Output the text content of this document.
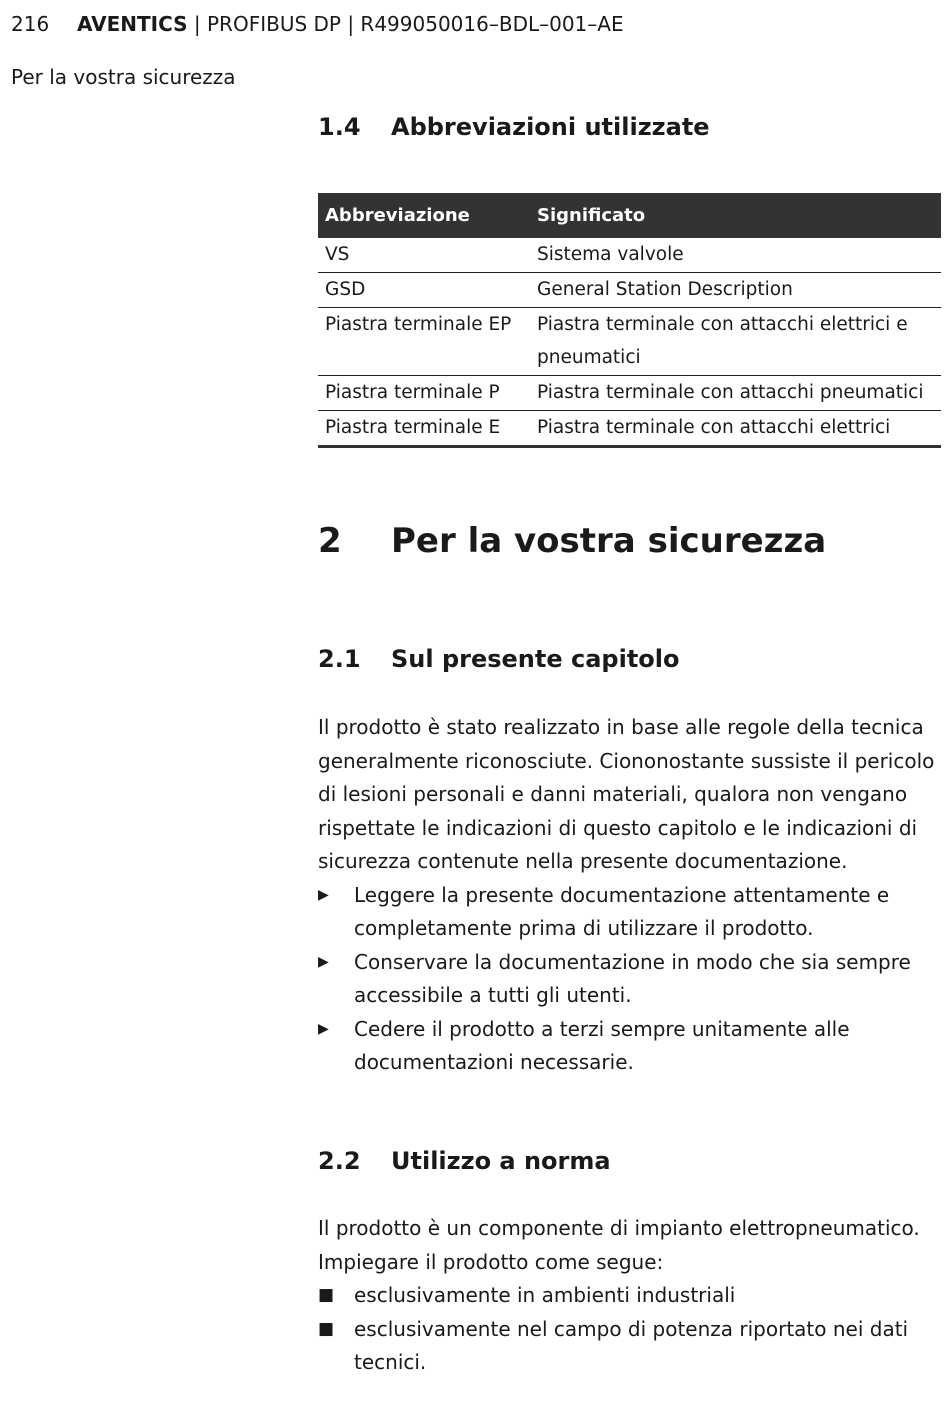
216 AVENTICS | PROFIBUS DP | R499050016–BDL–001–AE
Per la vostra sicurezza
1.4 Abbreviazioni utilizzate
Abbreviazione	Significato
VS	Sistema valvole
GSD	General Station Description
Piastra terminale EP	Piastra terminale con attacchi elettrici e pneumatici
Piastra terminale P	Piastra terminale con attacchi pneumatici
Piastra terminale E	Piastra terminale con attacchi elettrici
2 Per la vostra sicurezza
2.1 Sul presente capitolo
Il prodotto è stato realizzato in base alle regole della tecnica generalmente riconosciute. Ciononostante sussiste il pericolo di lesioni personali e danni materiali, qualora non vengano rispettate le indicazioni di questo capitolo e le indicazioni di sicurezza contenute nella presente documentazione.
▶ Leggere la presente documentazione attentamente e completamente prima di utilizzare il prodotto.
▶ Conservare la documentazione in modo che sia sempre accessibile a tutti gli utenti.
▶ Cedere il prodotto a terzi sempre unitamente alle documentazioni necessarie.
2.2 Utilizzo a norma
Il prodotto è un componente di impianto elettropneumatico. Impiegare il prodotto come segue:
■ esclusivamente in ambienti industriali
■ esclusivamente nel campo di potenza riportato nei dati tecnici.
